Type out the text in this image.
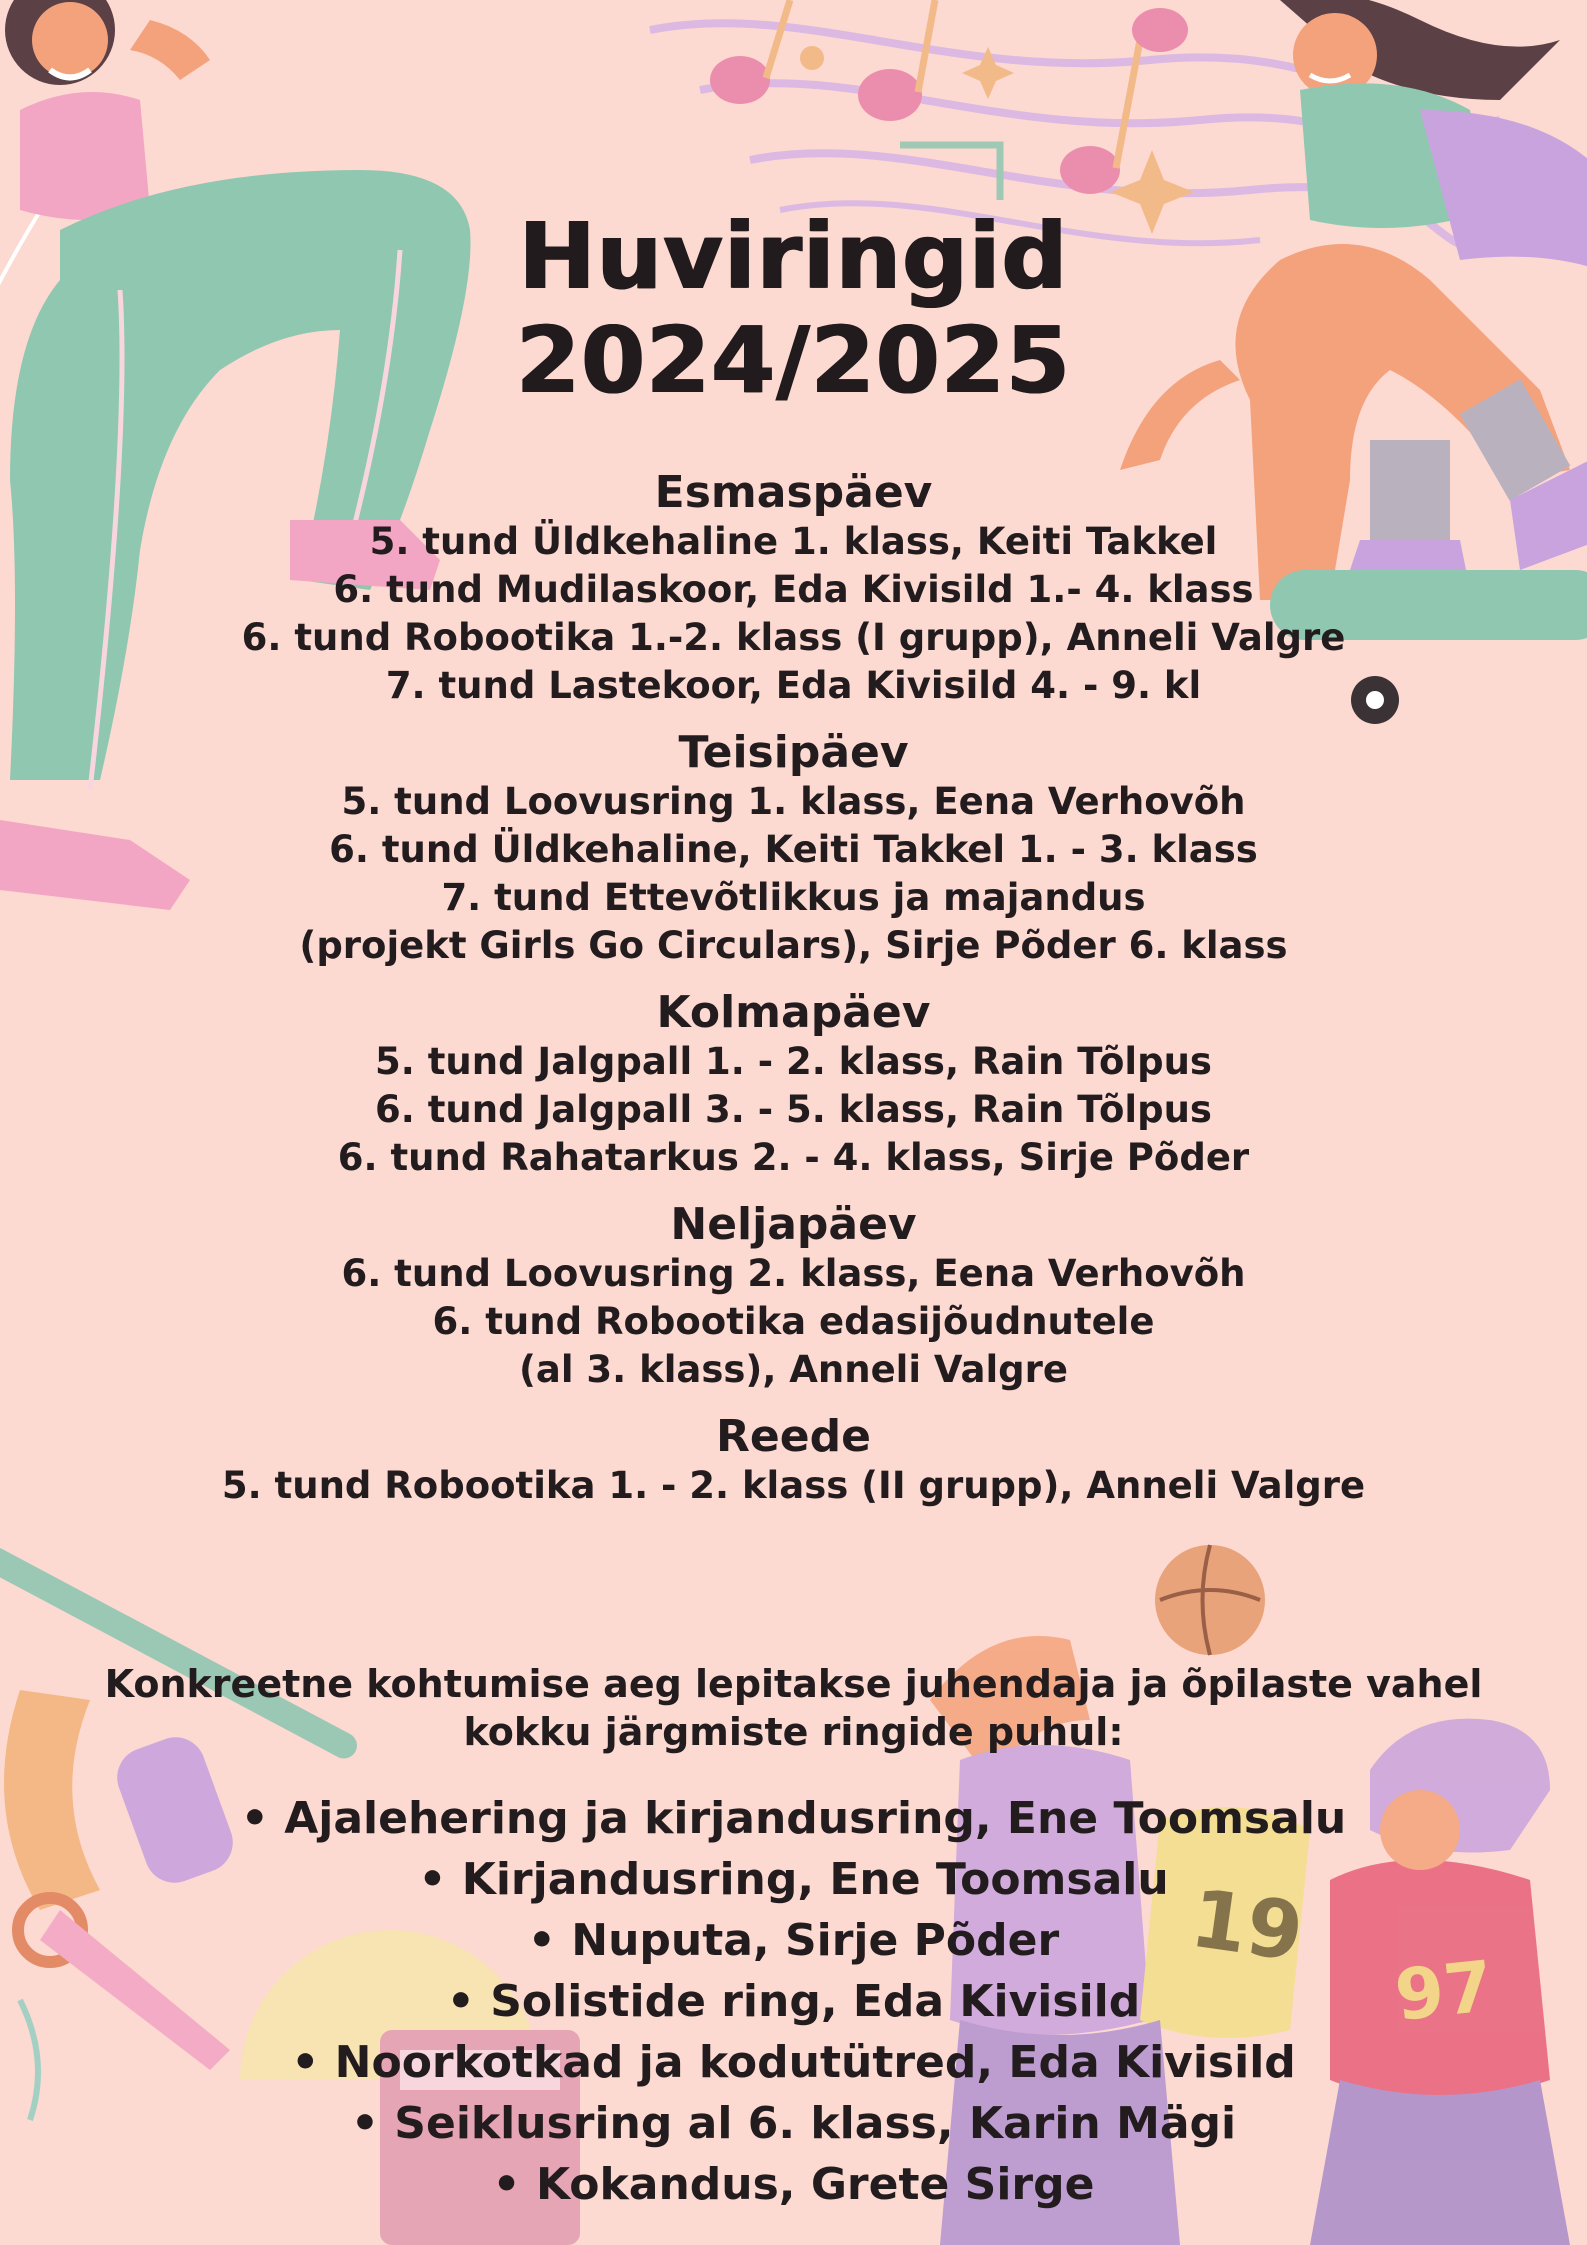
19
97
Huviringid
2024/2025
Esmaspäev
5. tund Üldkehaline 1. klass, Keiti Takkel
6. tund Mudilaskoor, Eda Kivisild 1.- 4. klass
6. tund Robootika 1.-2. klass (I grupp), Anneli Valgre
7. tund Lastekoor, Eda Kivisild 4. - 9. kl
Teisipäev
5. tund Loovusring 1. klass, Eena Verhovõh
6. tund Üldkehaline, Keiti Takkel 1. - 3. klass
7. tund Ettevõtlikkus ja majandus
(projekt Girls Go Circulars), Sirje Põder 6. klass
Kolmapäev
5. tund Jalgpall 1. - 2. klass, Rain Tõlpus
6. tund Jalgpall 3. - 5. klass, Rain Tõlpus
6. tund Rahatarkus 2. - 4. klass, Sirje Põder
Neljapäev
6. tund Loovusring 2. klass, Eena Verhovõh
6. tund Robootika edasijõudnutele
(al 3. klass), Anneli Valgre
Reede
5. tund Robootika 1. - 2. klass (II grupp), Anneli Valgre
Konkreetne kohtumise aeg lepitakse juhendaja ja õpilaste vahel kokku järgmiste ringide puhul:
• Ajalehering ja kirjandusring, Ene Toomsalu
• Kirjandusring, Ene Toomsalu
• Nuputa, Sirje Põder
• Solistide ring, Eda Kivisild
• Noorkotkad ja kodutütred, Eda Kivisild
• Seiklusring al 6. klass, Karin Mägi
• Kokandus, Grete Sirge
